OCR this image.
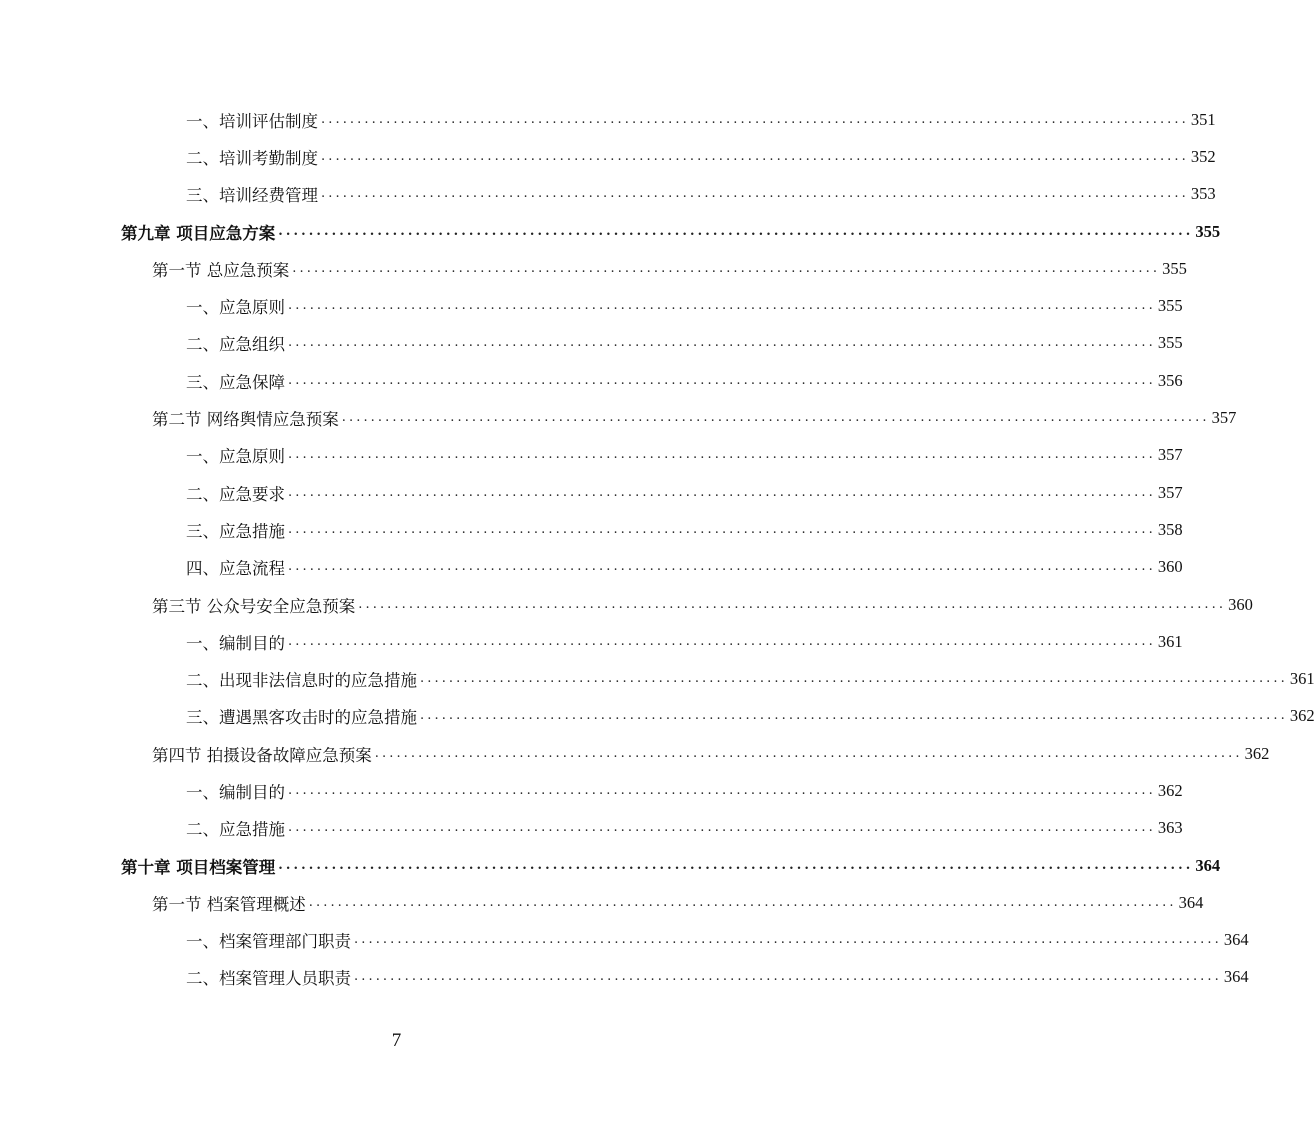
一、培训评估制度 ........................................................................................................................ 351
二、培训考勤制度 ........................................................................................................................ 352
三、培训经费管理 ........................................................................................................................ 353
第九章 项目应急方案 ........................................................................................................................ 355
第一节 总应急预案 ........................................................................................................................ 355
一、应急原则 ........................................................................................................................ 355
二、应急组织 ........................................................................................................................ 355
三、应急保障 ........................................................................................................................ 356
第二节 网络舆情应急预案 ........................................................................................................................ 357
一、应急原则 ........................................................................................................................ 357
二、应急要求 ........................................................................................................................ 357
三、应急措施 ........................................................................................................................ 358
四、应急流程 ........................................................................................................................ 360
第三节 公众号安全应急预案 ........................................................................................................................ 360
一、编制目的 ........................................................................................................................ 361
二、出现非法信息时的应急措施 ........................................................................................................................ 361
三、遭遇黑客攻击时的应急措施 ........................................................................................................................ 362
第四节 拍摄设备故障应急预案 ........................................................................................................................ 362
一、编制目的 ........................................................................................................................ 362
二、应急措施 ........................................................................................................................ 363
第十章 项目档案管理 ........................................................................................................................ 364
第一节 档案管理概述 ........................................................................................................................ 364
一、档案管理部门职责 ........................................................................................................................ 364
二、档案管理人员职责 ........................................................................................................................ 364
7
